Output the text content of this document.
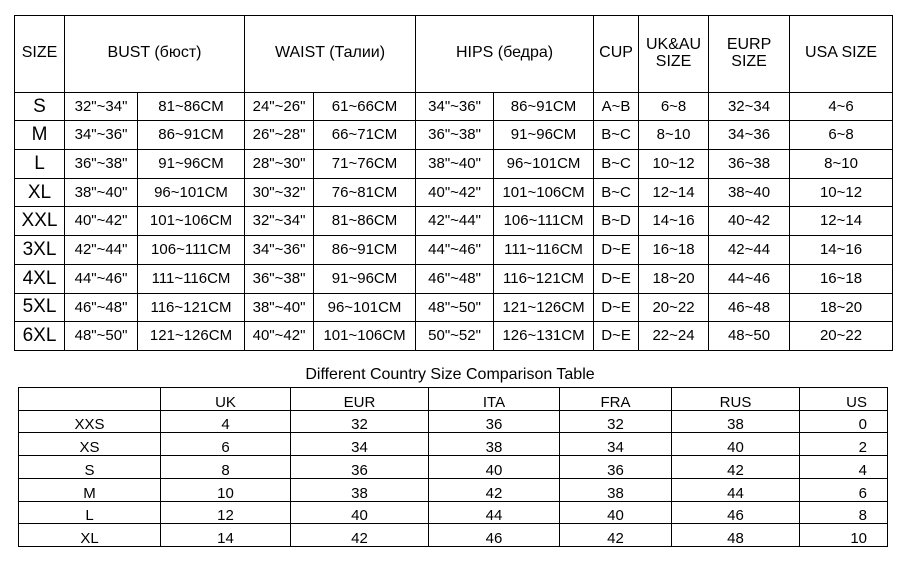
SIZE	BUST (бюст)		WAIST (Талии)		HIPS (бедра)		CUP	UK&AU SIZE	EURP SIZE	USA SIZE
S	32"~34"	81~86CM	24"~26"	61~66CM	34"~36"	86~91CM	A~B	6~8	32~34	4~6
M	34"~36"	86~91CM	26"~28"	66~71CM	36"~38"	91~96CM	B~C	8~10	34~36	6~8
L	36"~38"	91~96CM	28"~30"	71~76CM	38"~40"	96~101CM	B~C	10~12	36~38	8~10
XL	38"~40"	96~101CM	30"~32"	76~81CM	40"~42"	101~106CM	B~C	12~14	38~40	10~12
XXL	40"~42"	101~106CM	32"~34"	81~86CM	42"~44"	106~111CM	B~D	14~16	40~42	12~14
3XL	42"~44"	106~111CM	34"~36"	86~91CM	44"~46"	111~116CM	D~E	16~18	42~44	14~16
4XL	44"~46"	111~116CM	36"~38"	91~96CM	46"~48"	116~121CM	D~E	18~20	44~46	16~18
5XL	46"~48"	116~121CM	38"~40"	96~101CM	48"~50"	121~126CM	D~E	20~22	46~48	18~20
6XL	48"~50"	121~126CM	40"~42"	101~106CM	50"~52"	126~131CM	D~E	22~24	48~50	20~22
Different Country Size Comparison Table
	UK	EUR	ITA	FRA	RUS	US
XXS	4	32	36	32	38	0
XS	6	34	38	34	40	2
S	8	36	40	36	42	4
M	10	38	42	38	44	6
L	12	40	44	40	46	8
XL	14	42	46	42	48	10
